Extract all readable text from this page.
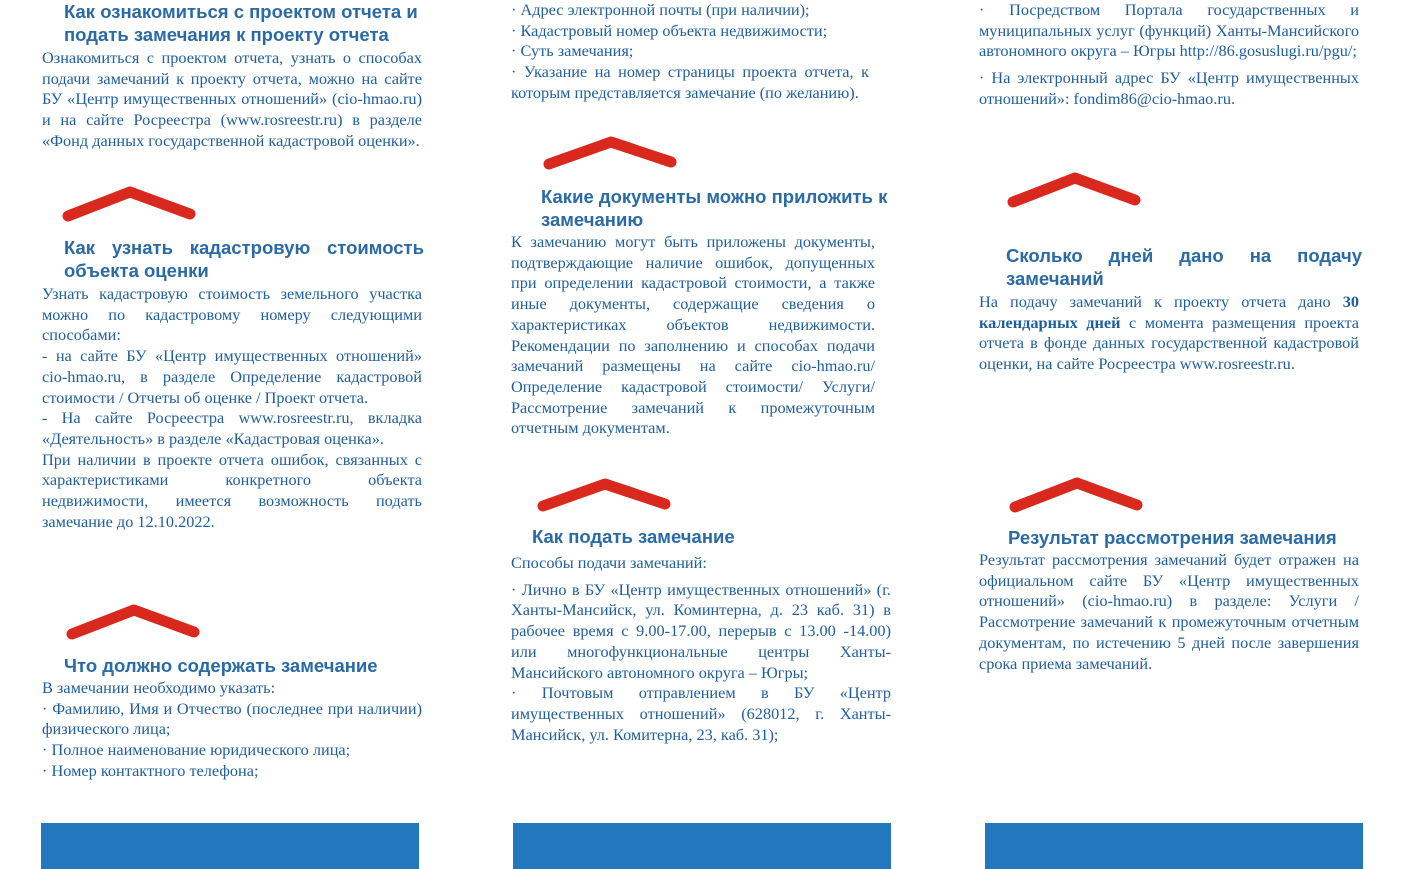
Как ознакомиться с проектом отчета и подать замечания к проекту отчета

Ознакомиться с проектом отчета, узнать о способах подачи замечаний к проекту отчета, можно на сайте БУ «Центр имущественных отношений» (cio-hmao.ru) и на сайте Росреестра (www.rosreestr.ru) в разделе «Фонд данных государственной кадастровой оценки».

Как узнать кадастровую стоимость объекта оценки

Узнать кадастровую стоимость земельного участка можно по кадастровому номеру следующими способами:

- на сайте БУ «Центр имущественных отношений» cio-hmao.ru, в разделе Определение кадастровой стоимости / Отчеты об оценке / Проект отчета.

- На сайте Росреестра www.rosreestr.ru, вкладка «Деятельность» в разделе «Кадастровая оценка».

При наличии в проекте отчета ошибок, связанных с характеристиками конкретного объекта недвижимости, имеется возможность подать замечание до 12.10.2022.

Что должно содержать замечание

В замечании необходимо указать:

· Фамилию, Имя и Отчество (последнее при наличии) физического лица;

· Полное наименование юридического лица;

· Номер контактного телефона;

· Адрес электронной почты (при наличии);

· Кадастровый номер объекта недвижимости;

· Суть замечания;

· Указание на номер страницы проекта отчета, к которым представляется замечание (по желанию).

Какие документы можно приложить к замечанию

К замечанию могут быть приложены документы, подтверждающие наличие ошибок, допущенных при определении кадастровой стоимости, а также иные документы, содержащие сведения о характеристиках объектов недвижимости. Рекомендации по заполнению и способах подачи замечаний размещены на сайте cio-hmao.ru/ Определение кадастровой стоимости/ Услуги/ Рассмотрение замечаний к промежуточным отчетным документам.

Как подать замечание

Способы подачи замечаний:

· Лично в БУ «Центр имущественных отношений» (г. Ханты-Мансийск, ул. Коминтерна, д. 23 каб. 31) в рабочее время с 9.00-17.00, перерыв с 13.00 -14.00) или многофункциональные центры Ханты-Мансийского автономного округа – Югры;

· Почтовым отправлением в БУ «Центр имущественных отношений» (628012, г. Ханты-Мансийск, ул. Комитерна, 23, каб. 31);

· Посредством Портала государственных и муниципальных услуг (функций) Ханты-Мансийского автономного округа – Югры http://86.gosuslugi.ru/pgu/;

· На электронный адрес БУ «Центр имущественных отношений»: fondim86@cio-hmao.ru.

Сколько дней дано на подачу замечаний

На подачу замечаний к проекту отчета дано 30 календарных дней с момента размещения проекта отчета в фонде данных государственной кадастровой оценки, на сайте Росреестра www.rosreestr.ru.

Результат рассмотрения замечания

Результат рассмотрения замечаний будет отражен на официальном сайте БУ «Центр имущественных отношений» (cio-hmao.ru) в разделе: Услуги / Рассмотрение замечаний к промежуточным отчетным документам, по истечению 5 дней после завершения срока приема замечаний.
